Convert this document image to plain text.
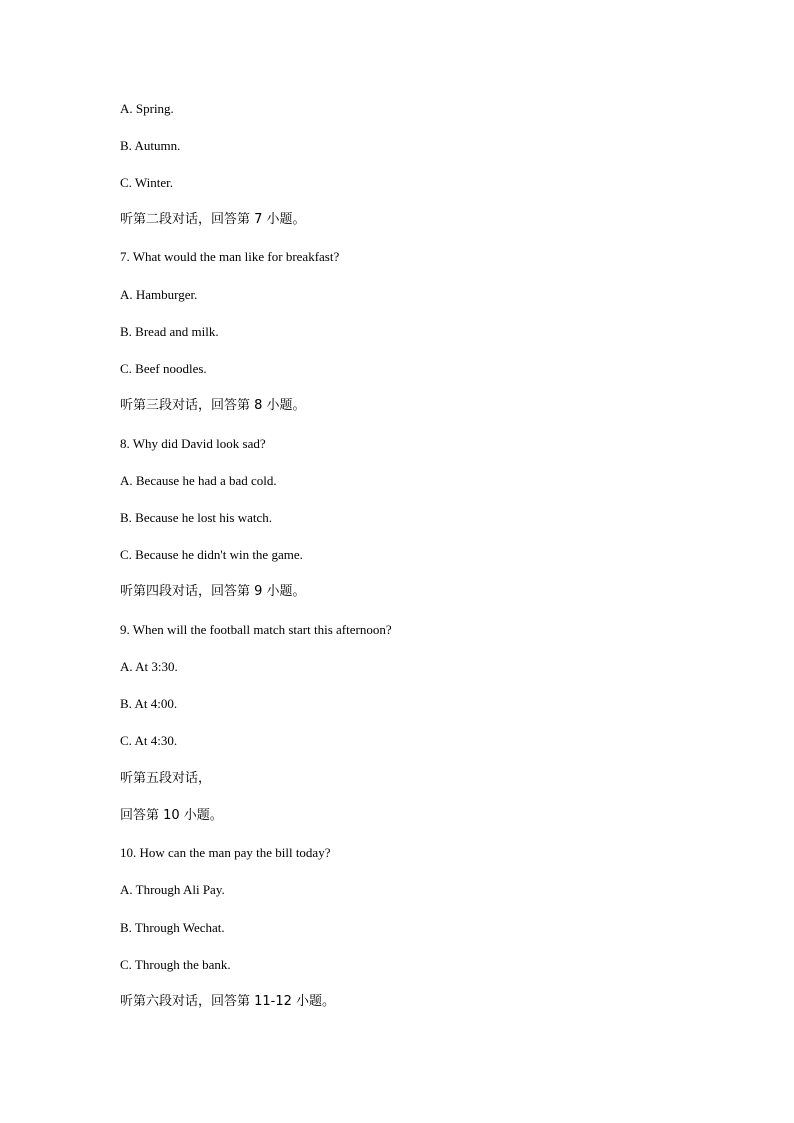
A. Spring.
B. Autumn.
C. Winter.
听第二段对话，回答第 7 小题。
7. What would the man like for breakfast?
A. Hamburger.
B. Bread and milk.
C. Beef noodles.
听第三段对话，回答第 8 小题。
8. Why did David look sad?
A. Because he had a bad cold.
B. Because he lost his watch.
C. Because he didn't win the game.
听第四段对话，回答第 9 小题。
9. When will the football match start this afternoon?
A. At 3:30.
B. At 4:00.
C. At 4:30.
听第五段对话，
回答第 10 小题。
10. How can the man pay the bill today?
A. Through Ali Pay.
B. Through Wechat.
C. Through the bank.
听第六段对话，回答第 11-12 小题。
